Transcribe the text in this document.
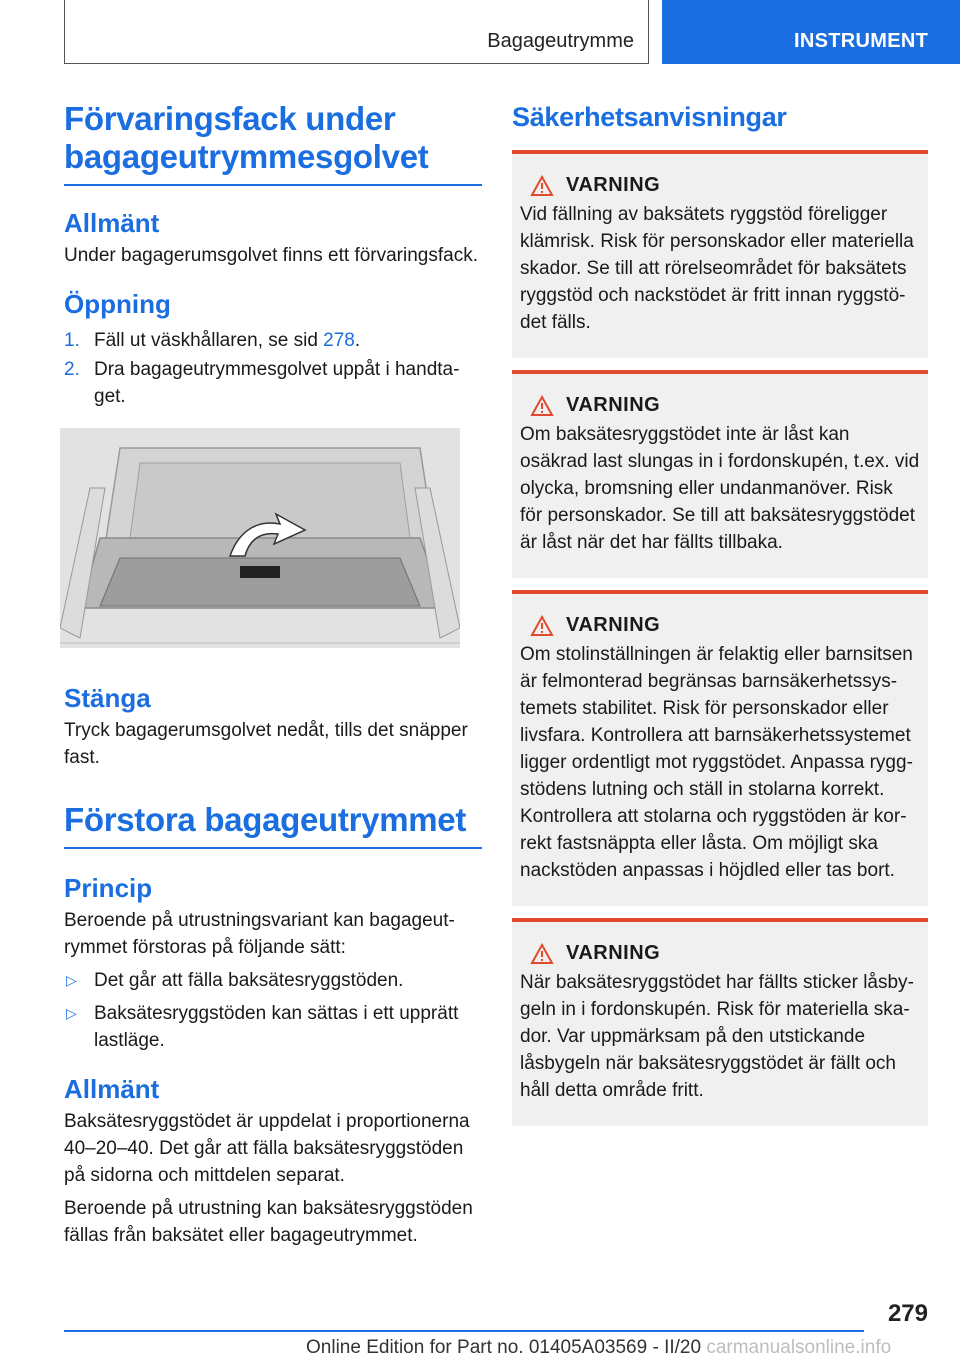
Bagageutrymme	INSTRUMENT
Förvaringsfack under bagageutrymmesgolvet
Allmänt

Under bagagerumsgolvet finns ett förvaringsfack.

Öppning
1. Fäll ut väskhållaren, se sid 278.
2. Dra bagageutrymmesgolvet uppåt i handtaget.
Stänga

Tryck bagagerumsgolvet nedåt, tills det snäpper fast.

Förstora bagageutrymmet
Princip

Beroende på utrustningsvariant kan bagageutrymmet förstoras på följande sätt:

▷ Det går att fälla baksätesryggstöden.
▷ Baksätesryggstöden kan sättas i ett upprätt lastläge.
Allmänt

Baksätesryggstödet är uppdelat i proportionerna 40–20–40. Det går att fälla baksätesryggstöden på sidorna och mittdelen separat.

Beroende på utrustning kan baksätesryggstöden fällas från baksätet eller bagageutrymmet.

Säkerhetsanvisningar
VARNING

Vid fällning av baksätets ryggstöd föreligger klämrisk. Risk för personskador eller materiella skador. Se till att rörelseområdet för baksätets ryggstöd och nackstödet är fritt innan ryggstödet fälls.

VARNING

Om baksätesryggstödet inte är låst kan osäkrad last slungas in i fordonskupén, t.ex. vid olycka, bromsning eller undanmanöver. Risk för personskador. Se till att baksätesryggstödet är låst när det har fällts tillbaka.

VARNING

Om stolinställningen är felaktig eller barnsitsen är felmonterad begränsas barnsäkerhetssystemets stabilitet. Risk för personskador eller livsfara. Kontrollera att barnsäkerhetssystemet ligger ordentligt mot ryggstödet. Anpassa ryggstödens lutning och ställ in stolarna korrekt. Kontrollera att stolarna och ryggstöden är korrekt fastsnäppta eller låsta. Om möjligt ska nackstöden anpassas i höjdled eller tas bort.

VARNING

När baksätesryggstödet har fällts sticker låsbygeln in i fordonskupén. Risk för materiella skador. Var uppmärksam på den utstickande låsbygeln när baksätesryggstödet är fällt och håll detta område fritt.

279
Online Edition for Part no. 01405A03569 - II/20 carmanualsonline.info
